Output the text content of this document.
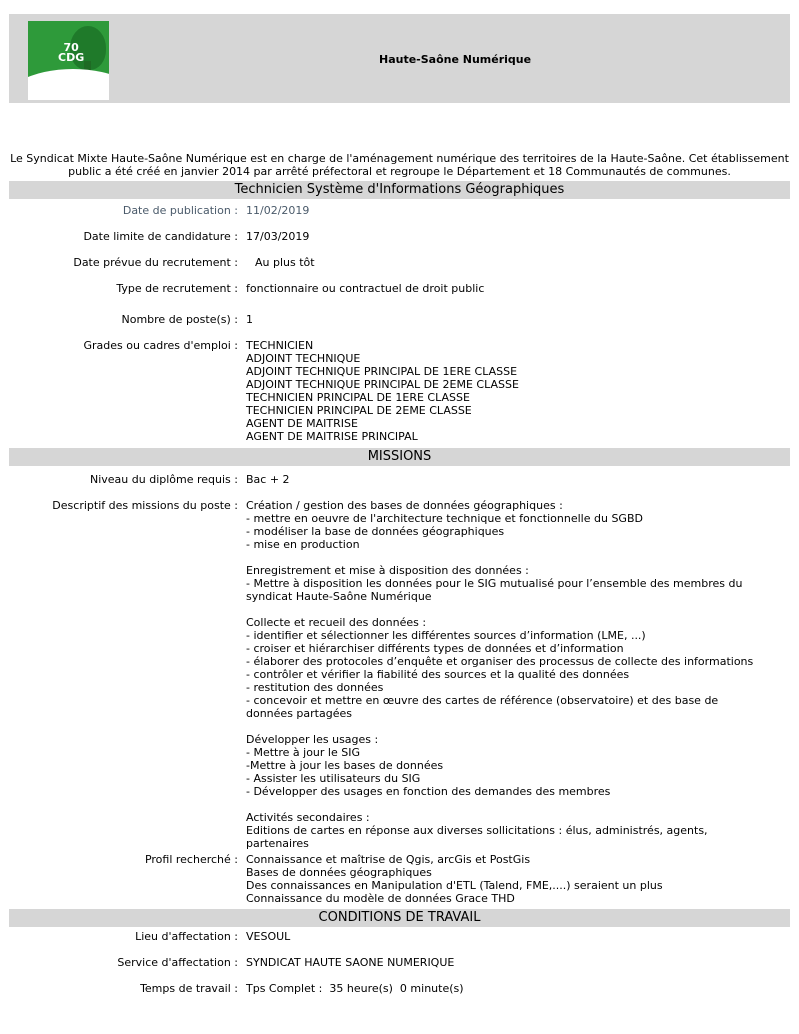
70
CDG	Haute-Saône Numérique
Le Syndicat Mixte Haute-Saône Numérique est en charge de l'aménagement numérique des territoires de la Haute-Saône. Cet établissement public a été créé en janvier 2014 par arrêté préfectoral et regroupe le Département et 18 Communautés de communes.
Technicien Système d'Informations Géographiques
Date de publication : 11/02/2019
Date limite de candidature : 17/03/2019
Date prévue du recrutement : Au plus tôt
Type de recrutement : fonctionnaire ou contractuel de droit public
Nombre de poste(s) : 1
Grades ou cadres d'emploi : TECHNICIEN
ADJOINT TECHNIQUE
ADJOINT TECHNIQUE PRINCIPAL DE 1ERE CLASSE
ADJOINT TECHNIQUE PRINCIPAL DE 2EME CLASSE
TECHNICIEN PRINCIPAL DE 1ERE CLASSE
TECHNICIEN PRINCIPAL DE 2EME CLASSE
AGENT DE MAITRISE
AGENT DE MAITRISE PRINCIPAL
MISSIONS
Niveau du diplôme requis : Bac + 2
Descriptif des missions du poste : Création / gestion des bases de données géographiques :
- mettre en oeuvre de l'architecture technique et fonctionnelle du SGBD
- modéliser la base de données géographiques
- mise en production

Enregistrement et mise à disposition des données :
- Mettre à disposition les données pour le SIG mutualisé pour l’ensemble des membres du
syndicat Haute-Saône Numérique

Collecte et recueil des données :
- identifier et sélectionner les différentes sources d’information (LME, ...)
- croiser et hiérarchiser différents types de données et d’information
- élaborer des protocoles d’enquête et organiser des processus de collecte des informations
- contrôler et vérifier la fiabilité des sources et la qualité des données
- restitution des données
- concevoir et mettre en œuvre des cartes de référence (observatoire) et des base de
données partagées

Développer les usages :
- Mettre à jour le SIG
-Mettre à jour les bases de données
- Assister les utilisateurs du SIG
- Développer des usages en fonction des demandes des membres

Activités secondaires :
Editions de cartes en réponse aux diverses sollicitations : élus, administrés, agents,
partenaires
Profil recherché : Connaissance et maîtrise de Qgis, arcGis et PostGis
Bases de données géographiques
Des connaissances en Manipulation d'ETL (Talend, FME,....) seraient un plus
Connaissance du modèle de données Grace THD
CONDITIONS DE TRAVAIL
Lieu d'affectation : VESOUL
Service d'affectation : SYNDICAT HAUTE SAONE NUMERIQUE
Temps de travail : Tps Complet :  35 heure(s)  0 minute(s)
